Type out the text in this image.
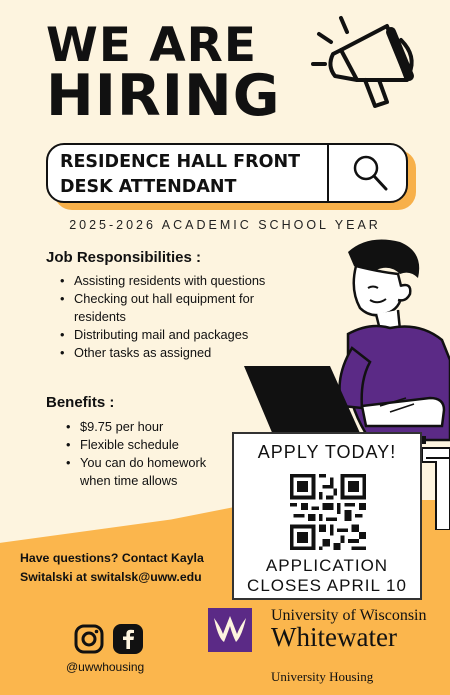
WE ARE
HIRING
RESIDENCE HALL FRONT DESK ATTENDANT
2025-2026 ACADEMIC SCHOOL YEAR
Job Responsibilities :
• Assisting residents with questions
• Checking out hall equipment for residents
• Distributing mail and packages
• Other tasks as assigned
Benefits :
• $9.75 per hour
• Flexible schedule
• You can do homework when time allows
APPLY TODAY!
APPLICATION
CLOSES APRIL 10
Have questions? Contact Kayla Switalski at switalsk@uww.edu
@uwwhousing
University of Wisconsin
Whitewater
University Housing
